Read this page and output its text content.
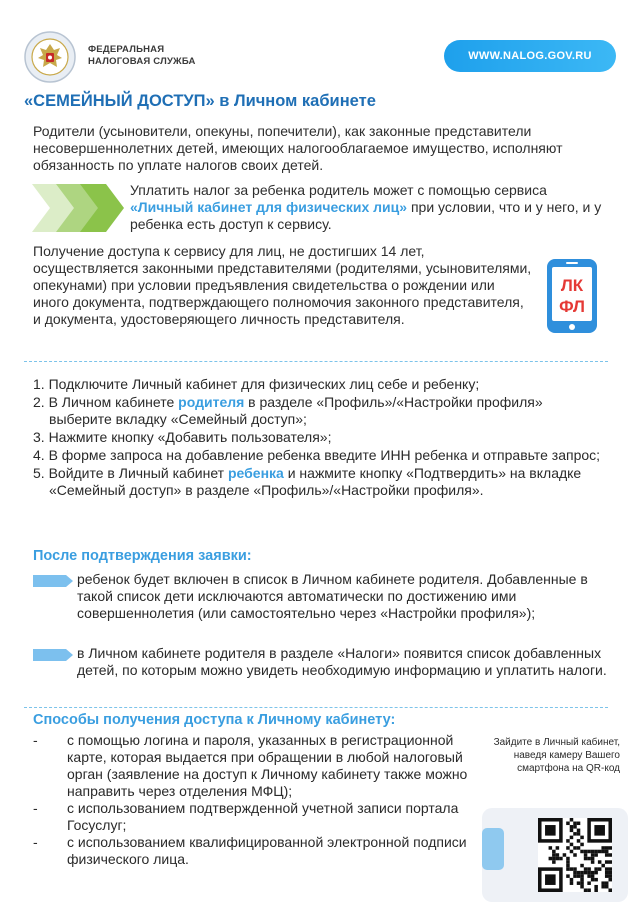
ФЕДЕРАЛЬНАЯ
НАЛОГОВАЯ СЛУЖБА	WWW.NALOG.GOV.RU
«СЕМЕЙНЫЙ ДОСТУП» в Личном кабинете
Родители (усыновители, опекуны, попечители), как законные представители несовершеннолетних детей, имеющих налогооблагаемое имущество, исполняют обязанность по уплате налогов своих детей.
Уплатить налог за ребенка родитель может с помощью сервиса «Личный кабинет для физических лиц» при условии, что и у него, и у ребенка есть доступ к сервису.
Получение доступа к сервису для лиц, не достигших 14 лет, осуществляется законными представителями (родителями, усыновителями, опекунами) при условии предъявления свидетельства о рождении или иного документа, подтверждающего полномочия законного представителя, и документа, удостоверяющего личность представителя.
ЛК
ФЛ
1. Подключите Личный кабинет для физических лиц себе и ребенку;
2. В Личном кабинете родителя в разделе «Профиль»/«Настройки профиля» выберите вкладку «Семейный доступ»;
3. Нажмите кнопку «Добавить пользователя»;
4. В форме запроса на добавление ребенка введите ИНН ребенка и отправьте запрос;
5. Войдите в Личный кабинет ребенка и нажмите кнопку «Подтвердить» на вкладке «Семейный доступ» в разделе «Профиль»/«Настройки профиля».
После подтверждения заявки:
ребенок будет включен в список в Личном кабинете родителя. Добавленные в такой список дети исключаются автоматически по достижению ими совершеннолетия (или самостоятельно через «Настройки профиля»);
в Личном кабинете родителя в разделе «Налоги» появится список добавленных детей, по которым можно увидеть необходимую информацию и уплатить налоги.
Способы получения доступа к Личному кабинету:
- с помощью логина и пароля, указанных в регистрационной карте, которая выдается при обращении в любой налоговый орган (заявление на доступ к Личному кабинету также можно направить через отделения МФЦ);
- с использованием подтвержденной учетной записи портала Госуслуг;
- с использованием квалифицированной электронной подписи физического лица.
Зайдите в Личный кабинет, наведя камеру Вашего смартфона на QR-код
